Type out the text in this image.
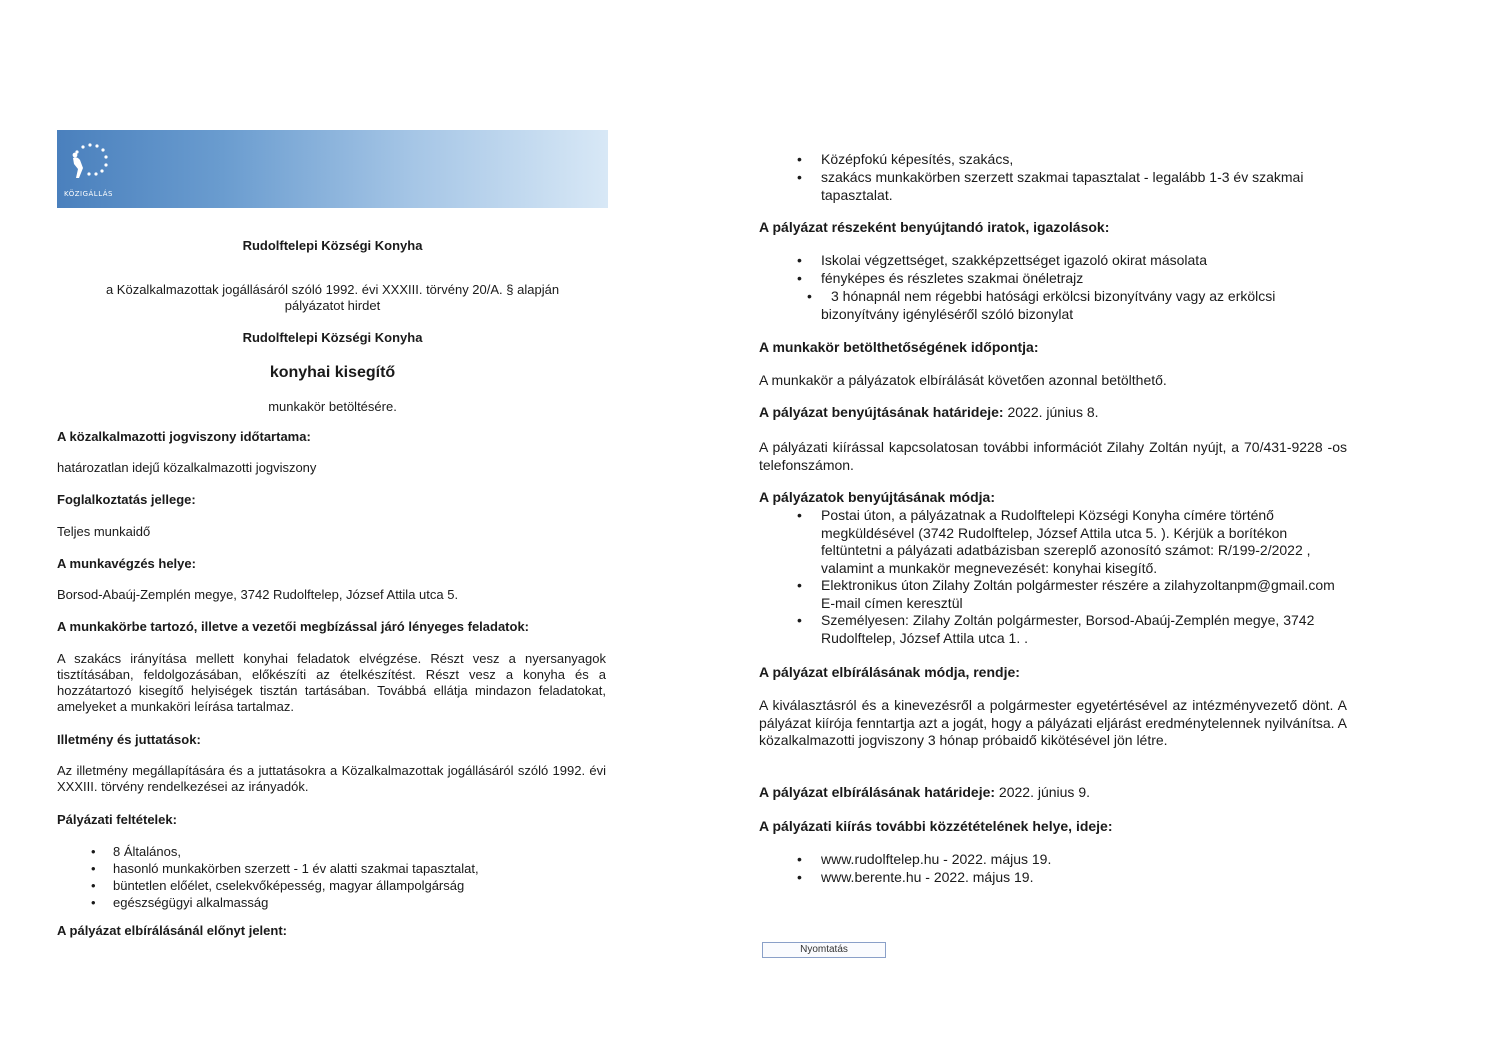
KÖZIGÁLLÁS

Rudolftelepi Községi Konyha

a Közalkalmazottak jogállásáról szóló 1992. évi XXXIII. törvény 20/A. § alapján

pályázatot hirdet

Rudolftelepi Községi Konyha

konyhai kisegítő

munkakör betöltésére.

A közalkalmazotti jogviszony időtartama:

határozatlan idejű közalkalmazotti jogviszony

Foglalkoztatás jellege:

Teljes munkaidő

A munkavégzés helye:

Borsod-Abaúj-Zemplén megye, 3742 Rudolftelep, József Attila utca 5.

A munkakörbe tartozó, illetve a vezetői megbízással járó lényeges feladatok:

A szakács irányítása mellett konyhai feladatok elvégzése. Részt vesz a nyersanyagok tisztításában, feldolgozásában, előkészíti az ételkészítést. Részt vesz a konyha és a hozzátartozó kisegítő helyiségek tisztán tartásában. Továbbá ellátja mindazon feladatokat, amelyeket a munkaköri leírása tartalmaz.

Illetmény és juttatások:

Az illetmény megállapítására és a juttatásokra a Közalkalmazottak jogállásáról szóló 1992. évi XXXIII. törvény rendelkezései az irányadók.

Pályázati feltételek:

• 8 Általános,
• hasonló munkakörben szerzett - 1 év alatti szakmai tapasztalat,
• büntetlen előélet, cselekvőképesség, magyar állampolgárság
• egészségügyi alkalmasság

A pályázat elbírálásánál előnyt jelent:

• Középfokú képesítés, szakács,
• szakács munkakörben szerzett szakmai tapasztalat - legalább 1-3 év szakmai tapasztalat.

A pályázat részeként benyújtandó iratok, igazolások:

• Iskolai végzettséget, szakképzettséget igazoló okirat másolata
• fényképes és részletes szakmai önéletrajz
• 3 hónapnál nem régebbi hatósági erkölcsi bizonyítvány vagy az erkölcsi bizonyítvány igényléséről szóló bizonylat

A munkakör betölthetőségének időpontja:

A munkakör a pályázatok elbírálását követően azonnal betölthető.

A pályázat benyújtásának határideje: 2022. június 8.

A pályázati kiírással kapcsolatosan további információt Zilahy Zoltán nyújt, a 70/431-9228 -os telefonszámon.

A pályázatok benyújtásának módja:

• Postai úton, a pályázatnak a Rudolftelepi Községi Konyha címére történő megküldésével (3742 Rudolftelep, József Attila utca 5. ). Kérjük a borítékon feltüntetni a pályázati adatbázisban szereplő azonosító számot: R/199-2/2022 , valamint a munkakör megnevezését: konyhai kisegítő.
• Elektronikus úton Zilahy Zoltán polgármester részére a zilahyzoltanpm@gmail.com E-mail címen keresztül
• Személyesen: Zilahy Zoltán polgármester, Borsod-Abaúj-Zemplén megye, 3742 Rudolftelep, József Attila utca 1. .

A pályázat elbírálásának módja, rendje:

A kiválasztásról és a kinevezésről a polgármester egyetértésével az intézményvezető dönt. A pályázat kiírója fenntartja azt a jogát, hogy a pályázati eljárást eredménytelennek nyilvánítsa. A közalkalmazotti jogviszony 3 hónap próbaidő kikötésével jön létre.

A pályázat elbírálásának határideje: 2022. június 9.

A pályázati kiírás további közzétételének helye, ideje:

• www.rudolftelep.hu - 2022. május 19.
• www.berente.hu - 2022. május 19.
Nyomtatás
